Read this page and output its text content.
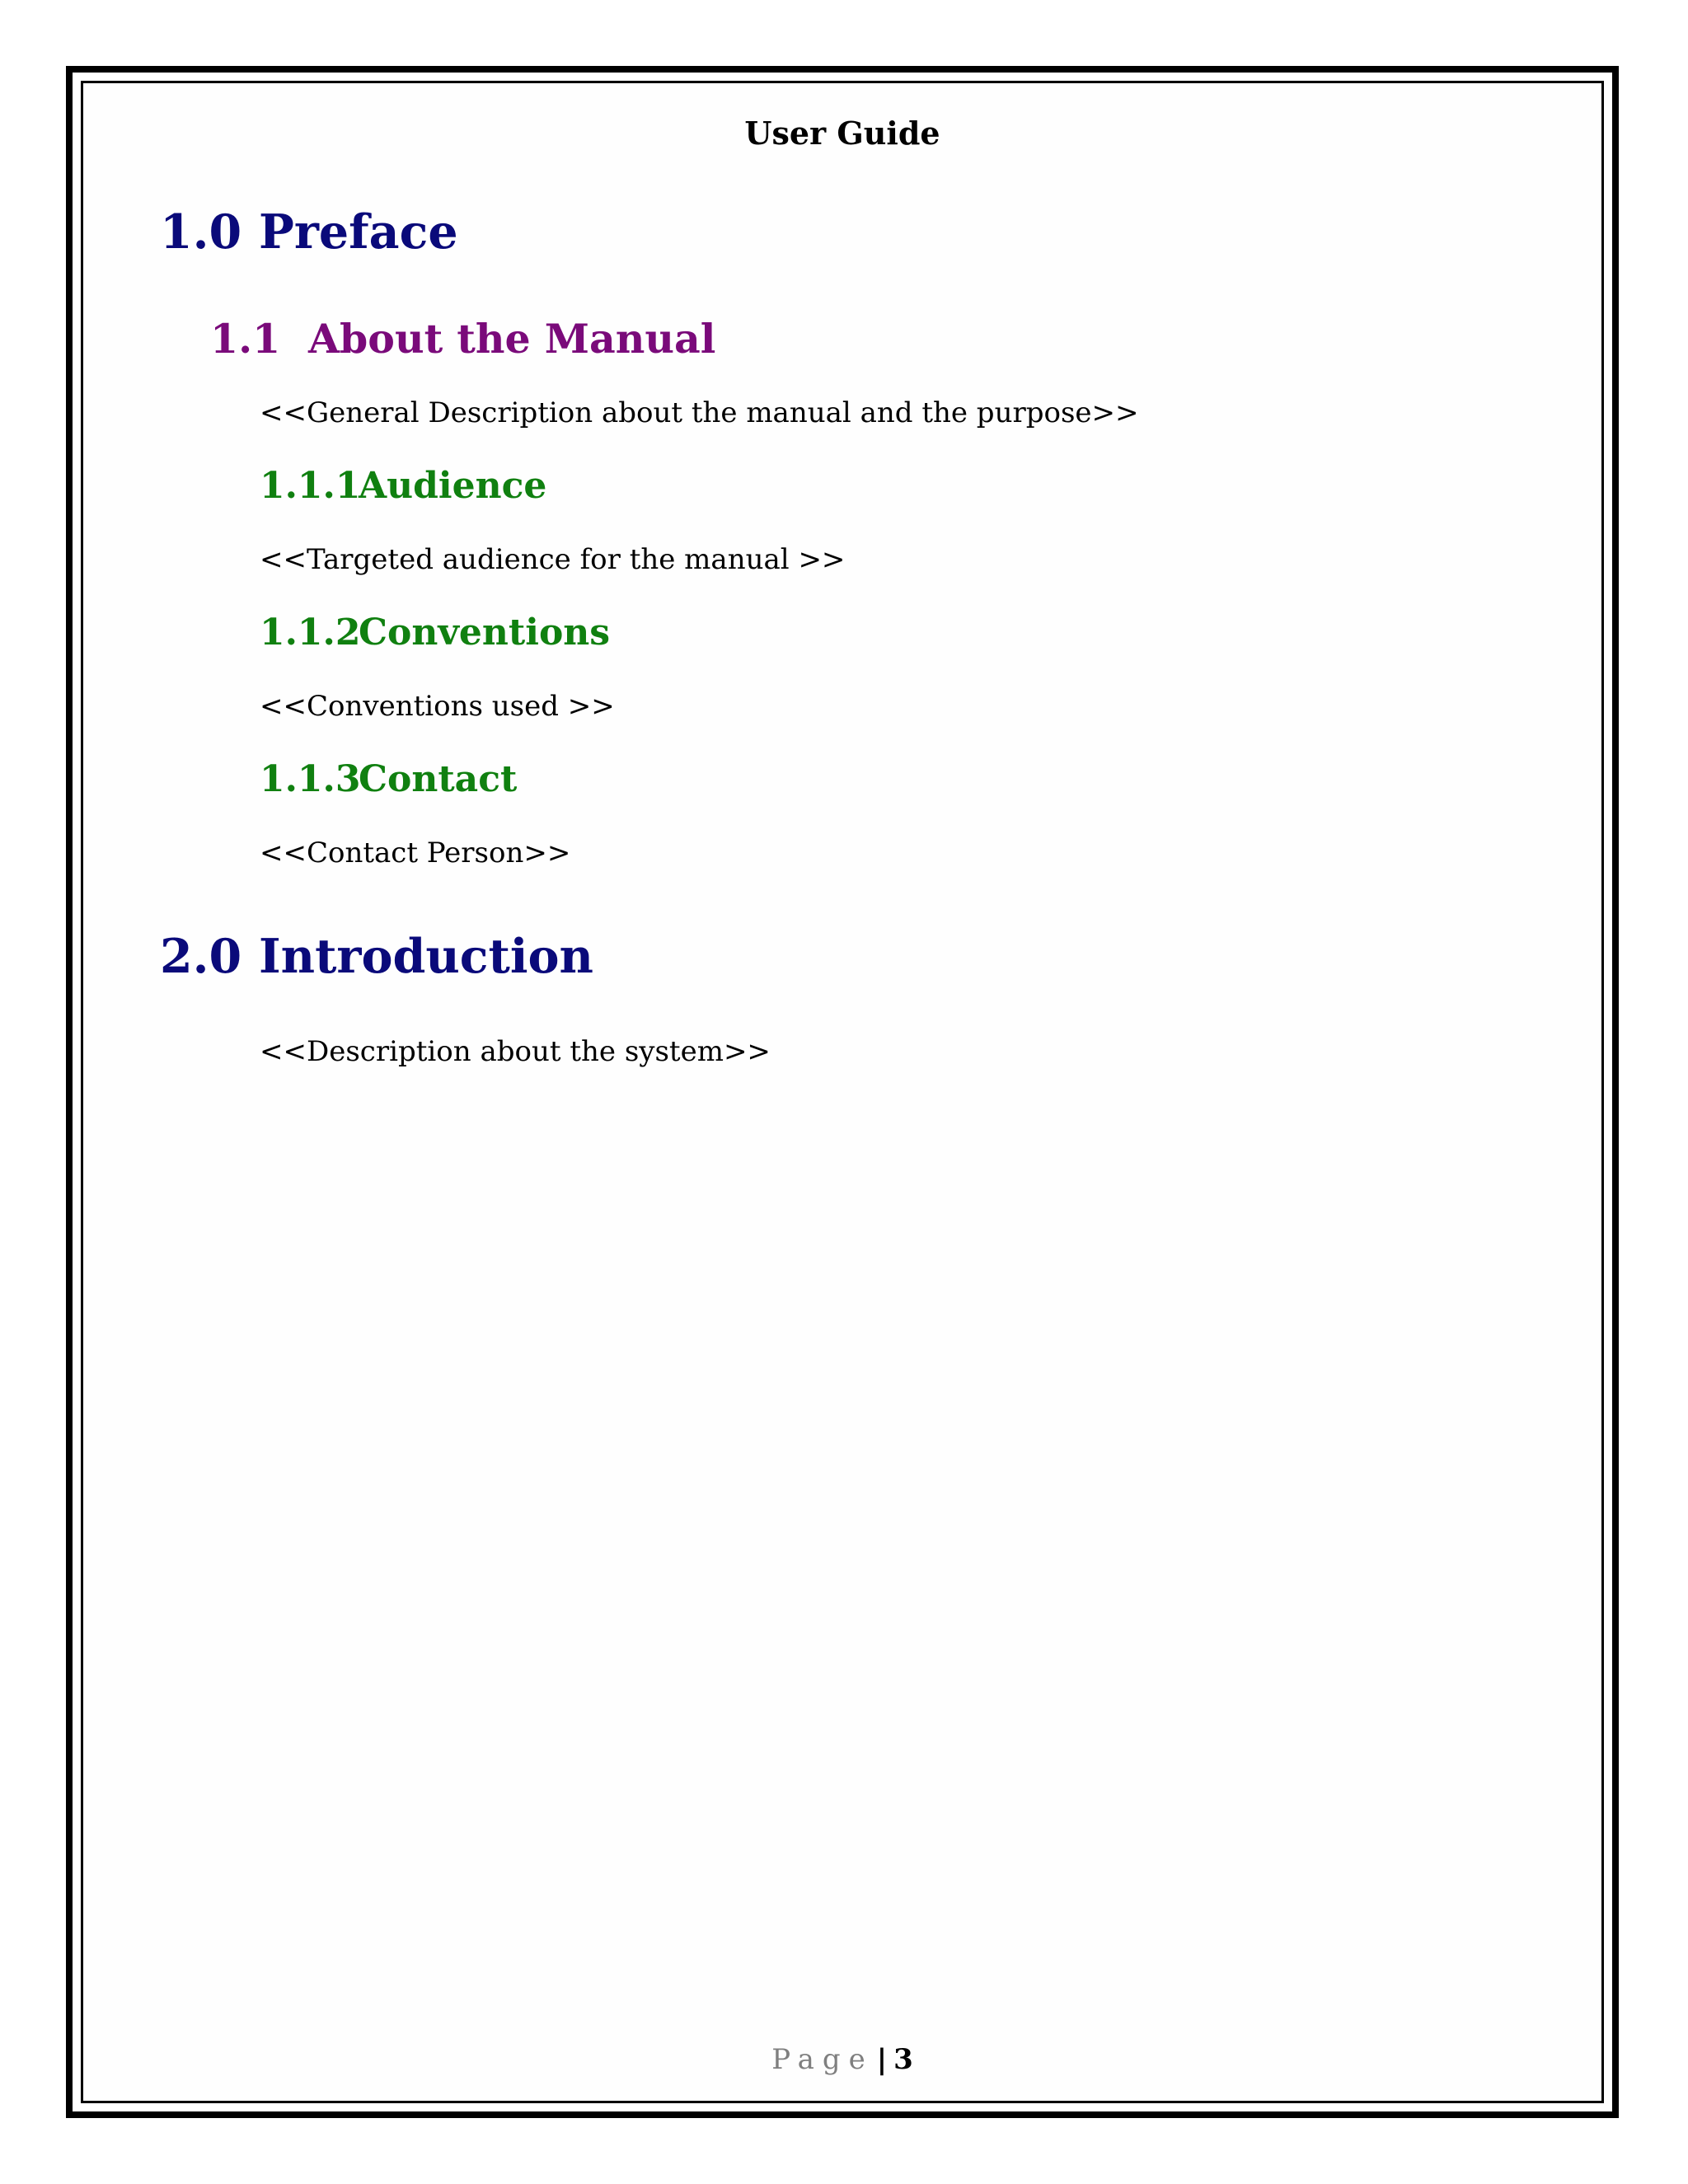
User Guide
1.0 Preface
1.1 About the Manual
<<General Description about the manual and the purpose>>
1.1.1Audience
<<Targeted audience for the manual >>
1.1.2Conventions
<<Conventions used >>
1.1.3Contact
<<Contact Person>>
2.0 Introduction
<<Description about the system>>
Page | 3
